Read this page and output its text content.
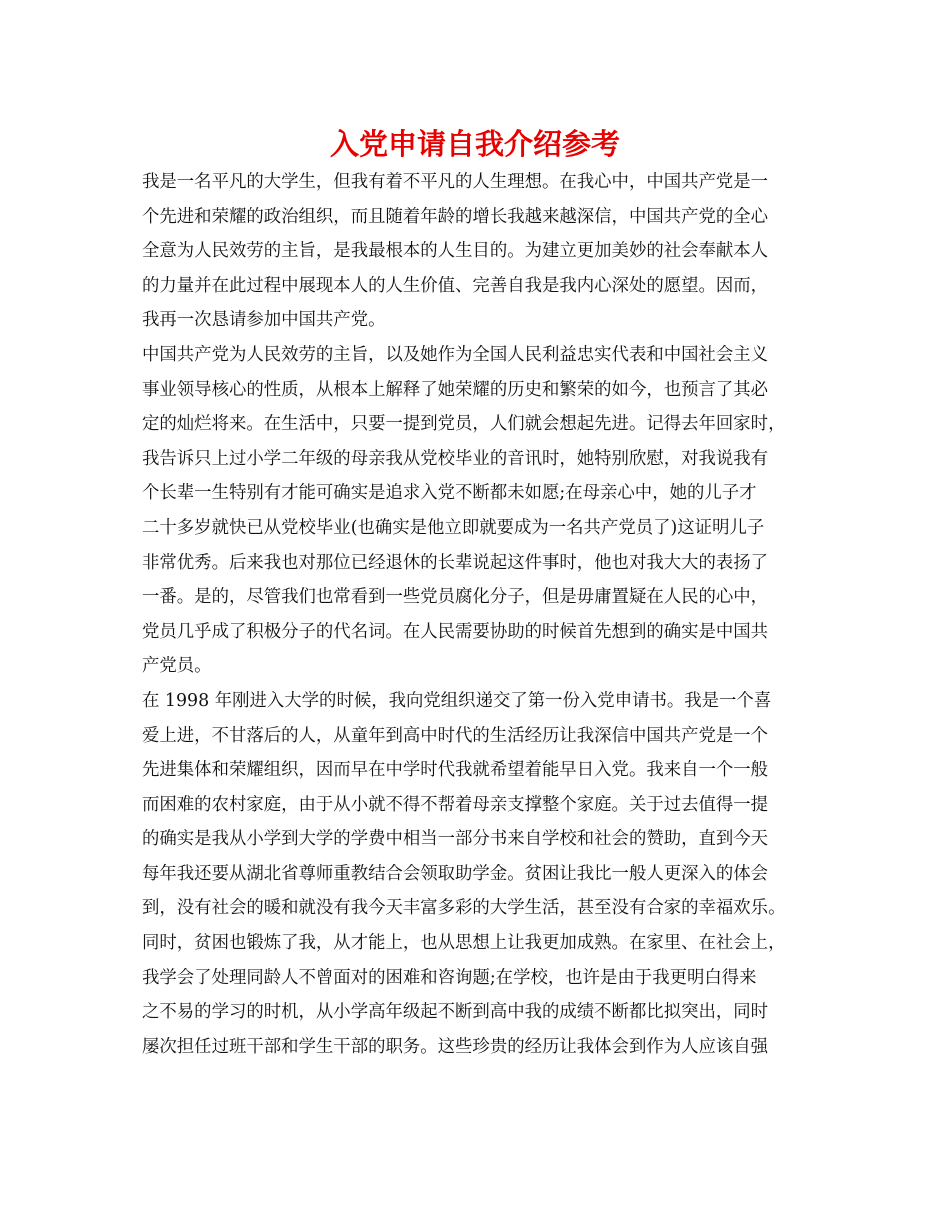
入党申请自我介绍参考
我是一名平凡的大学生，但我有着不平凡的人生理想。在我心中，中国共产党是一
个先进和荣耀的政治组织，而且随着年龄的增长我越来越深信，中国共产党的全心
全意为人民效劳的主旨，是我最根本的人生目的。为建立更加美妙的社会奉献本人
的力量并在此过程中展现本人的人生价值、完善自我是我内心深处的愿望。因而，
我再一次恳请参加中国共产党。
中国共产党为人民效劳的主旨，以及她作为全国人民利益忠实代表和中国社会主义
事业领导核心的性质，从根本上解释了她荣耀的历史和繁荣的如今，也预言了其必
定的灿烂将来。在生活中，只要一提到党员，人们就会想起先进。记得去年回家时，
我告诉只上过小学二年级的母亲我从党校毕业的音讯时，她特别欣慰，对我说我有
个长辈一生特别有才能可确实是追求入党不断都未如愿;在母亲心中，她的儿子才
二十多岁就快已从党校毕业(也确实是他立即就要成为一名共产党员了)这证明儿子
非常优秀。后来我也对那位已经退休的长辈说起这件事时，他也对我大大的表扬了
一番。是的，尽管我们也常看到一些党员腐化分子，但是毋庸置疑在人民的心中，
党员几乎成了积极分子的代名词。在人民需要协助的时候首先想到的确实是中国共
产党员。
在 1998 年刚进入大学的时候，我向党组织递交了第一份入党申请书。我是一个喜
爱上进，不甘落后的人，从童年到高中时代的生活经历让我深信中国共产党是一个
先进集体和荣耀组织，因而早在中学时代我就希望着能早日入党。我来自一个一般
而困难的农村家庭，由于从小就不得不帮着母亲支撑整个家庭。关于过去值得一提
的确实是我从小学到大学的学费中相当一部分书来自学校和社会的赞助，直到今天
每年我还要从湖北省尊师重教结合会领取助学金。贫困让我比一般人更深入的体会
到，没有社会的暖和就没有我今天丰富多彩的大学生活，甚至没有合家的幸福欢乐。
同时，贫困也锻炼了我，从才能上，也从思想上让我更加成熟。在家里、在社会上，
我学会了处理同龄人不曾面对的困难和咨询题;在学校，也许是由于我更明白得来
之不易的学习的时机，从小学高年级起不断到高中我的成绩不断都比拟突出，同时
屡次担任过班干部和学生干部的职务。这些珍贵的经历让我体会到作为人应该自强
